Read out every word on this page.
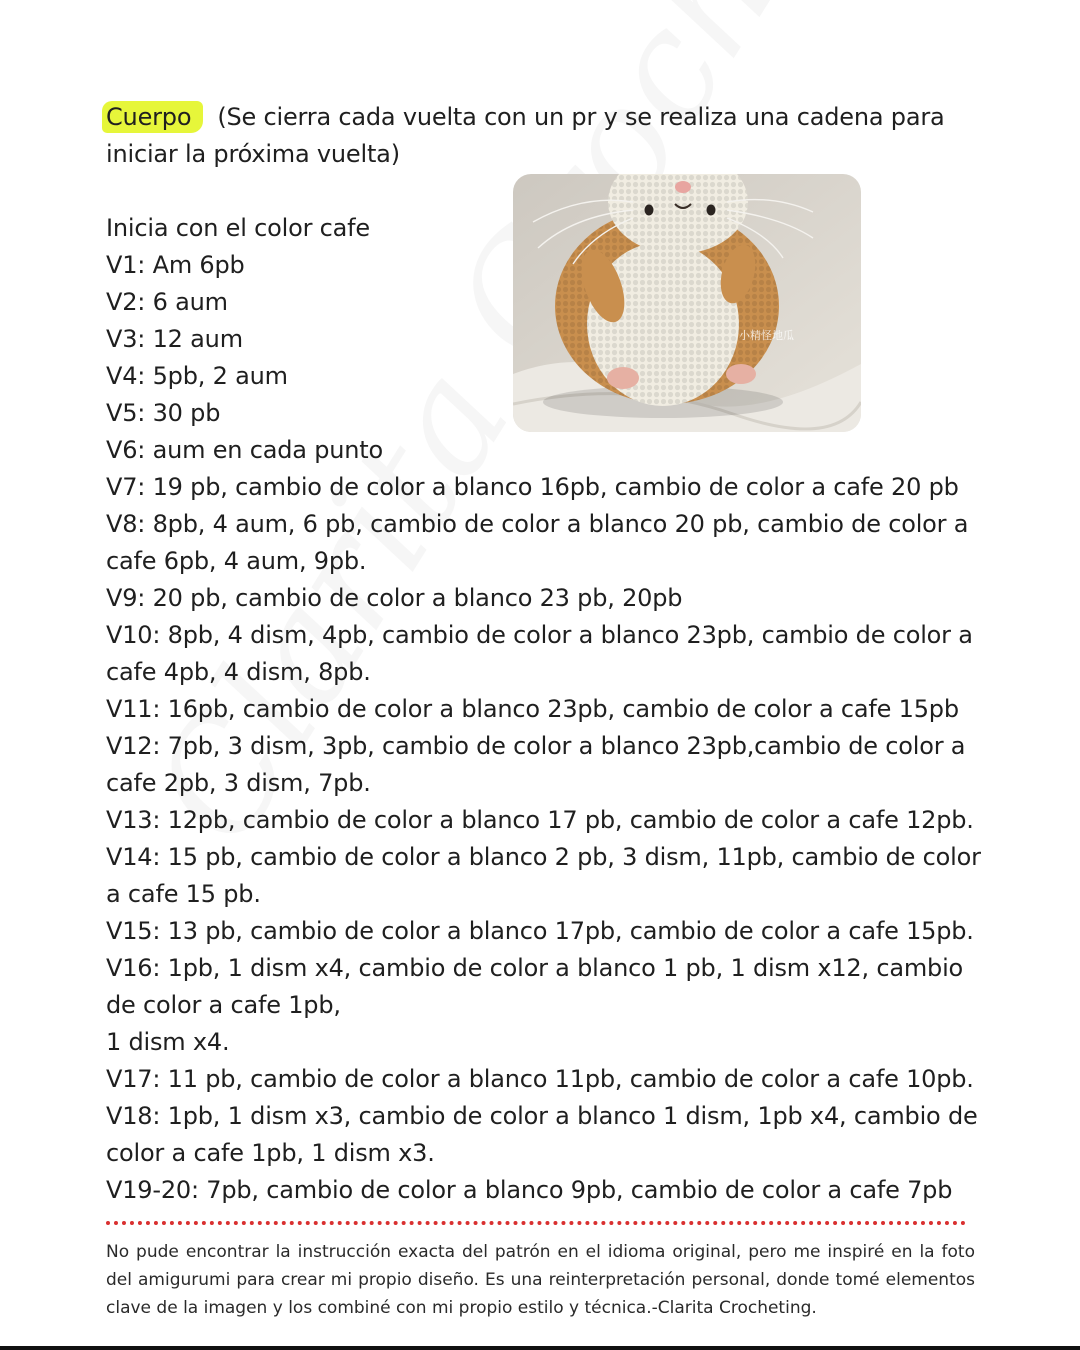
Cuerpo (Se cierra cada vuelta con un pr y se realiza una cadena para iniciar la próxima vuelta)
Inicia con el color cafe
V1: Am 6pb
V2: 6 aum
V3: 12 aum
V4: 5pb, 2 aum
V5: 30 pb
V6: aum en cada punto
V7: 19 pb, cambio de color a blanco 16pb, cambio de color a cafe 20 pb
V8: 8pb, 4 aum, 6 pb, cambio de color a blanco 20 pb, cambio de color a
cafe 6pb, 4 aum, 9pb.
V9: 20 pb, cambio de color a blanco 23 pb, 20pb
V10: 8pb, 4 dism, 4pb, cambio de color a blanco 23pb, cambio de color a
cafe 4pb, 4 dism, 8pb.
V11: 16pb, cambio de color a blanco 23pb, cambio de color a cafe 15pb
V12: 7pb, 3 dism, 3pb, cambio de color a blanco 23pb,cambio de color a
cafe 2pb, 3 dism, 7pb.
V13: 12pb, cambio de color a blanco 17 pb, cambio de color a cafe 12pb.
V14: 15 pb, cambio de color a blanco 2 pb, 3 dism, 11pb, cambio de color
a cafe 15 pb.
V15: 13 pb, cambio de color a blanco 17pb, cambio de color a cafe 15pb.
V16: 1pb, 1 dism x4, cambio de color a blanco 1 pb, 1 dism x12, cambio
de color a cafe 1pb,
1 dism x4.
V17: 11 pb, cambio de color a blanco 11pb, cambio de color a cafe 10pb.
V18: 1pb, 1 dism x3, cambio de color a blanco 1 dism, 1pb x4, cambio de
color a cafe 1pb, 1 dism x3.
V19-20: 7pb, cambio de color a blanco 9pb, cambio de color a cafe 7pb
小精怪地瓜
No pude encontrar la instrucción exacta del patrón en el idioma original, pero me inspiré en la foto del amigurumi para crear mi propio diseño. Es una reinterpretación personal, donde tomé elementos clave de la imagen y los combiné con mi propio estilo y técnica.-Clarita Crocheting.
